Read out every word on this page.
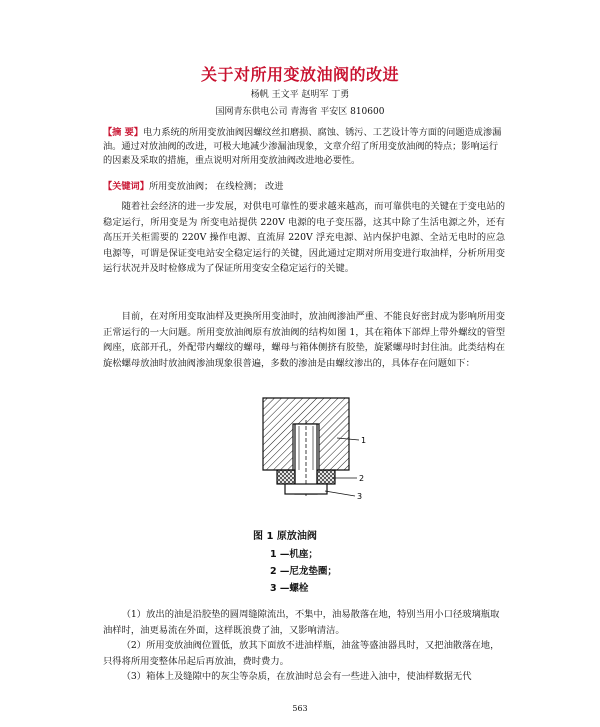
关于对所用变放油阀的改进
杨帆 王文平 赵明军 丁勇
国网青东供电公司 青海省 平安区 810600
【摘 要】电力系统的所用变放油阀因螺纹丝扣磨损、腐蚀、锈污、工艺设计等方面的问题造成渗漏油。通过对放油阀的改进，可极大地减少渗漏油现象，文章介绍了所用变放油阀的特点；影响运行的因素及采取的措施，重点说明对所用变放油阀改进地必要性。
【关键词】所用变放油阀； 在线检测； 改进
随着社会经济的进一步发展，对供电可靠性的要求越来越高，而可靠供电的关键在于变电站的稳定运行，所用变是为 所变电站提供 220V 电源的电子变压器，这其中除了生活电源之外，还有高压开关柜需要的 220V 操作电源、直流屏 220V 浮充电源、站内保护电源、全站无电时的应急电源等，可谓是保证变电站安全稳定运行的关键，因此通过定期对所用变进行取油样，分析所用变运行状况并及时检修成为了保证所用变安全稳定运行的关键。
目前，在对所用变取油样及更换所用变油时，放油阀渗油严重、不能良好密封成为影响所用变正常运行的一大问题。所用变放油阀原有放油阀的结构如图 1，其在箱体下部焊上带外螺纹的管型阀座，底部开孔，外配带内螺纹的螺母，螺母与箱体侧挤有胶垫，旋紧螺母时封住油。此类结构在旋松螺母放油时放油阀渗油现象很普遍，多数的渗油是由螺纹渗出的，具体存在问题如下：
1
2
3
图 1 原放油阀
1 —机座；
2 —尼龙垫圈；
3 —螺栓
（1）放出的油是沿胶垫的圆周缝隙流出，不集中，油易散落在地，特别当用小口径玻璃瓶取油样时，油更易流在外面，这样既浪费了油，又影响清洁。
（2）所用变放油阀位置低，放其下面放不进油样瓶，油盆等盛油器具时，又把油散落在地，只得将所用变整体吊起后再放油，费时费力。
（3）箱体上及缝隙中的灰尘等杂质，在放油时总会有一些进入油中，使油样数据无代
563
